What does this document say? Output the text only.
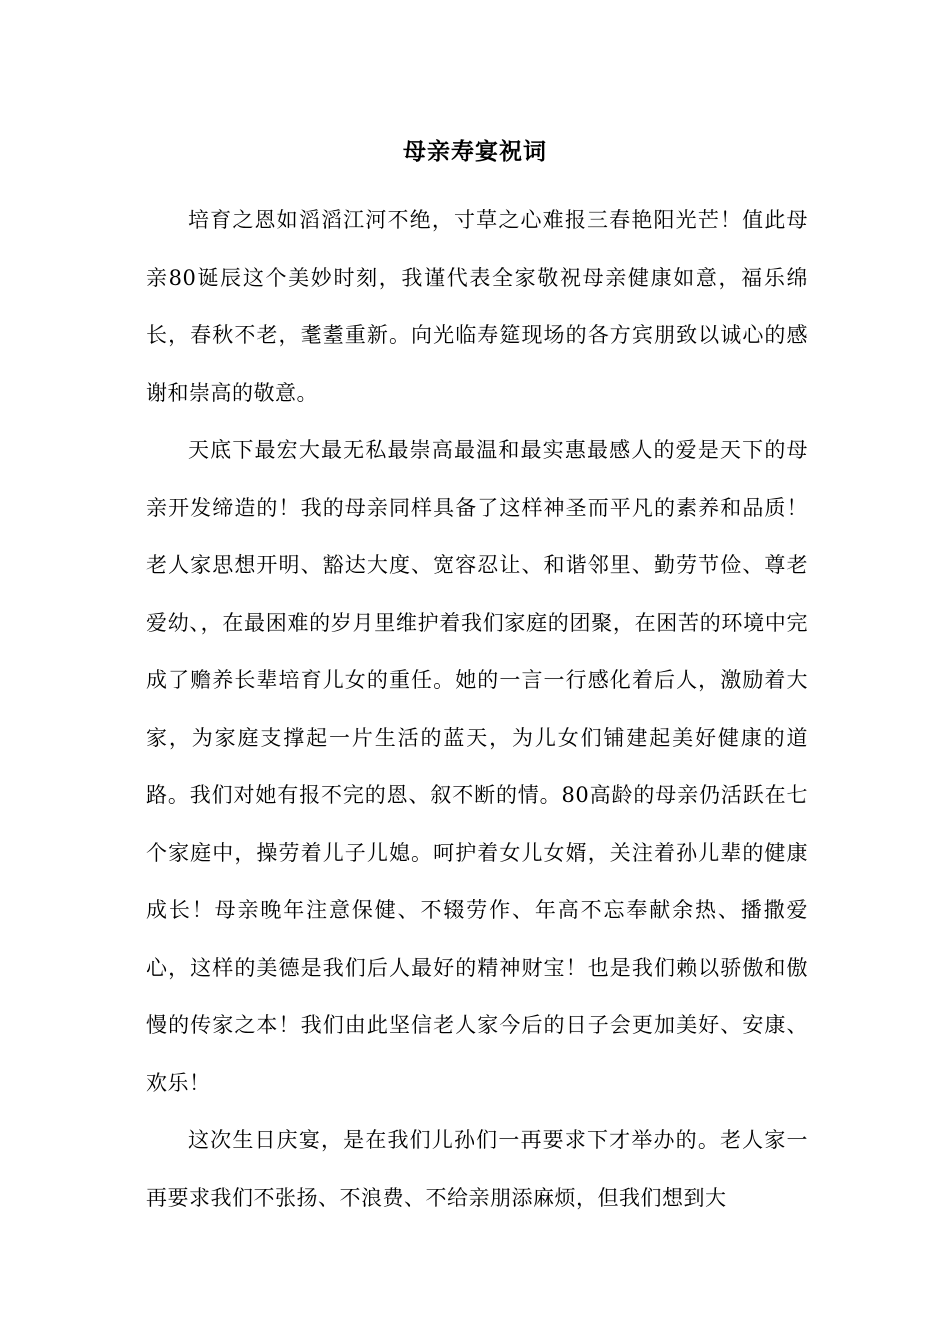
母亲寿宴祝词

培育之恩如滔滔江河不绝，寸草之心难报三春艳阳光芒！值此母亲80诞辰这个美妙时刻，我谨代表全家敬祝母亲健康如意，福乐绵长，春秋不老，耄耋重新。向光临寿筵现场的各方宾朋致以诚心的感谢和崇高的敬意。

天底下最宏大最无私最崇高最温和最实惠最感人的爱是天下的母亲开发缔造的！我的母亲同样具备了这样神圣而平凡的素养和品质！老人家思想开明、豁达大度、宽容忍让、和谐邻里、勤劳节俭、尊老爱幼、，在最困难的岁月里维护着我们家庭的团聚，在困苦的环境中完成了赡养长辈培育儿女的重任。她的一言一行感化着后人，激励着大家，为家庭支撑起一片生活的蓝天，为儿女们铺建起美好健康的道路。我们对她有报不完的恩、叙不断的情。80高龄的母亲仍活跃在七个家庭中，操劳着儿子儿媳。呵护着女儿女婿，关注着孙儿辈的健康成长！母亲晚年注意保健、不辍劳作、年高不忘奉献余热、播撒爱心，这样的美德是我们后人最好的精神财宝！也是我们赖以骄傲和傲慢的传家之本！我们由此坚信老人家今后的日子会更加美好、安康、欢乐！

这次生日庆宴，是在我们儿孙们一再要求下才举办的。老人家一再要求我们不张扬、不浪费、不给亲朋添麻烦，但我们想到大
